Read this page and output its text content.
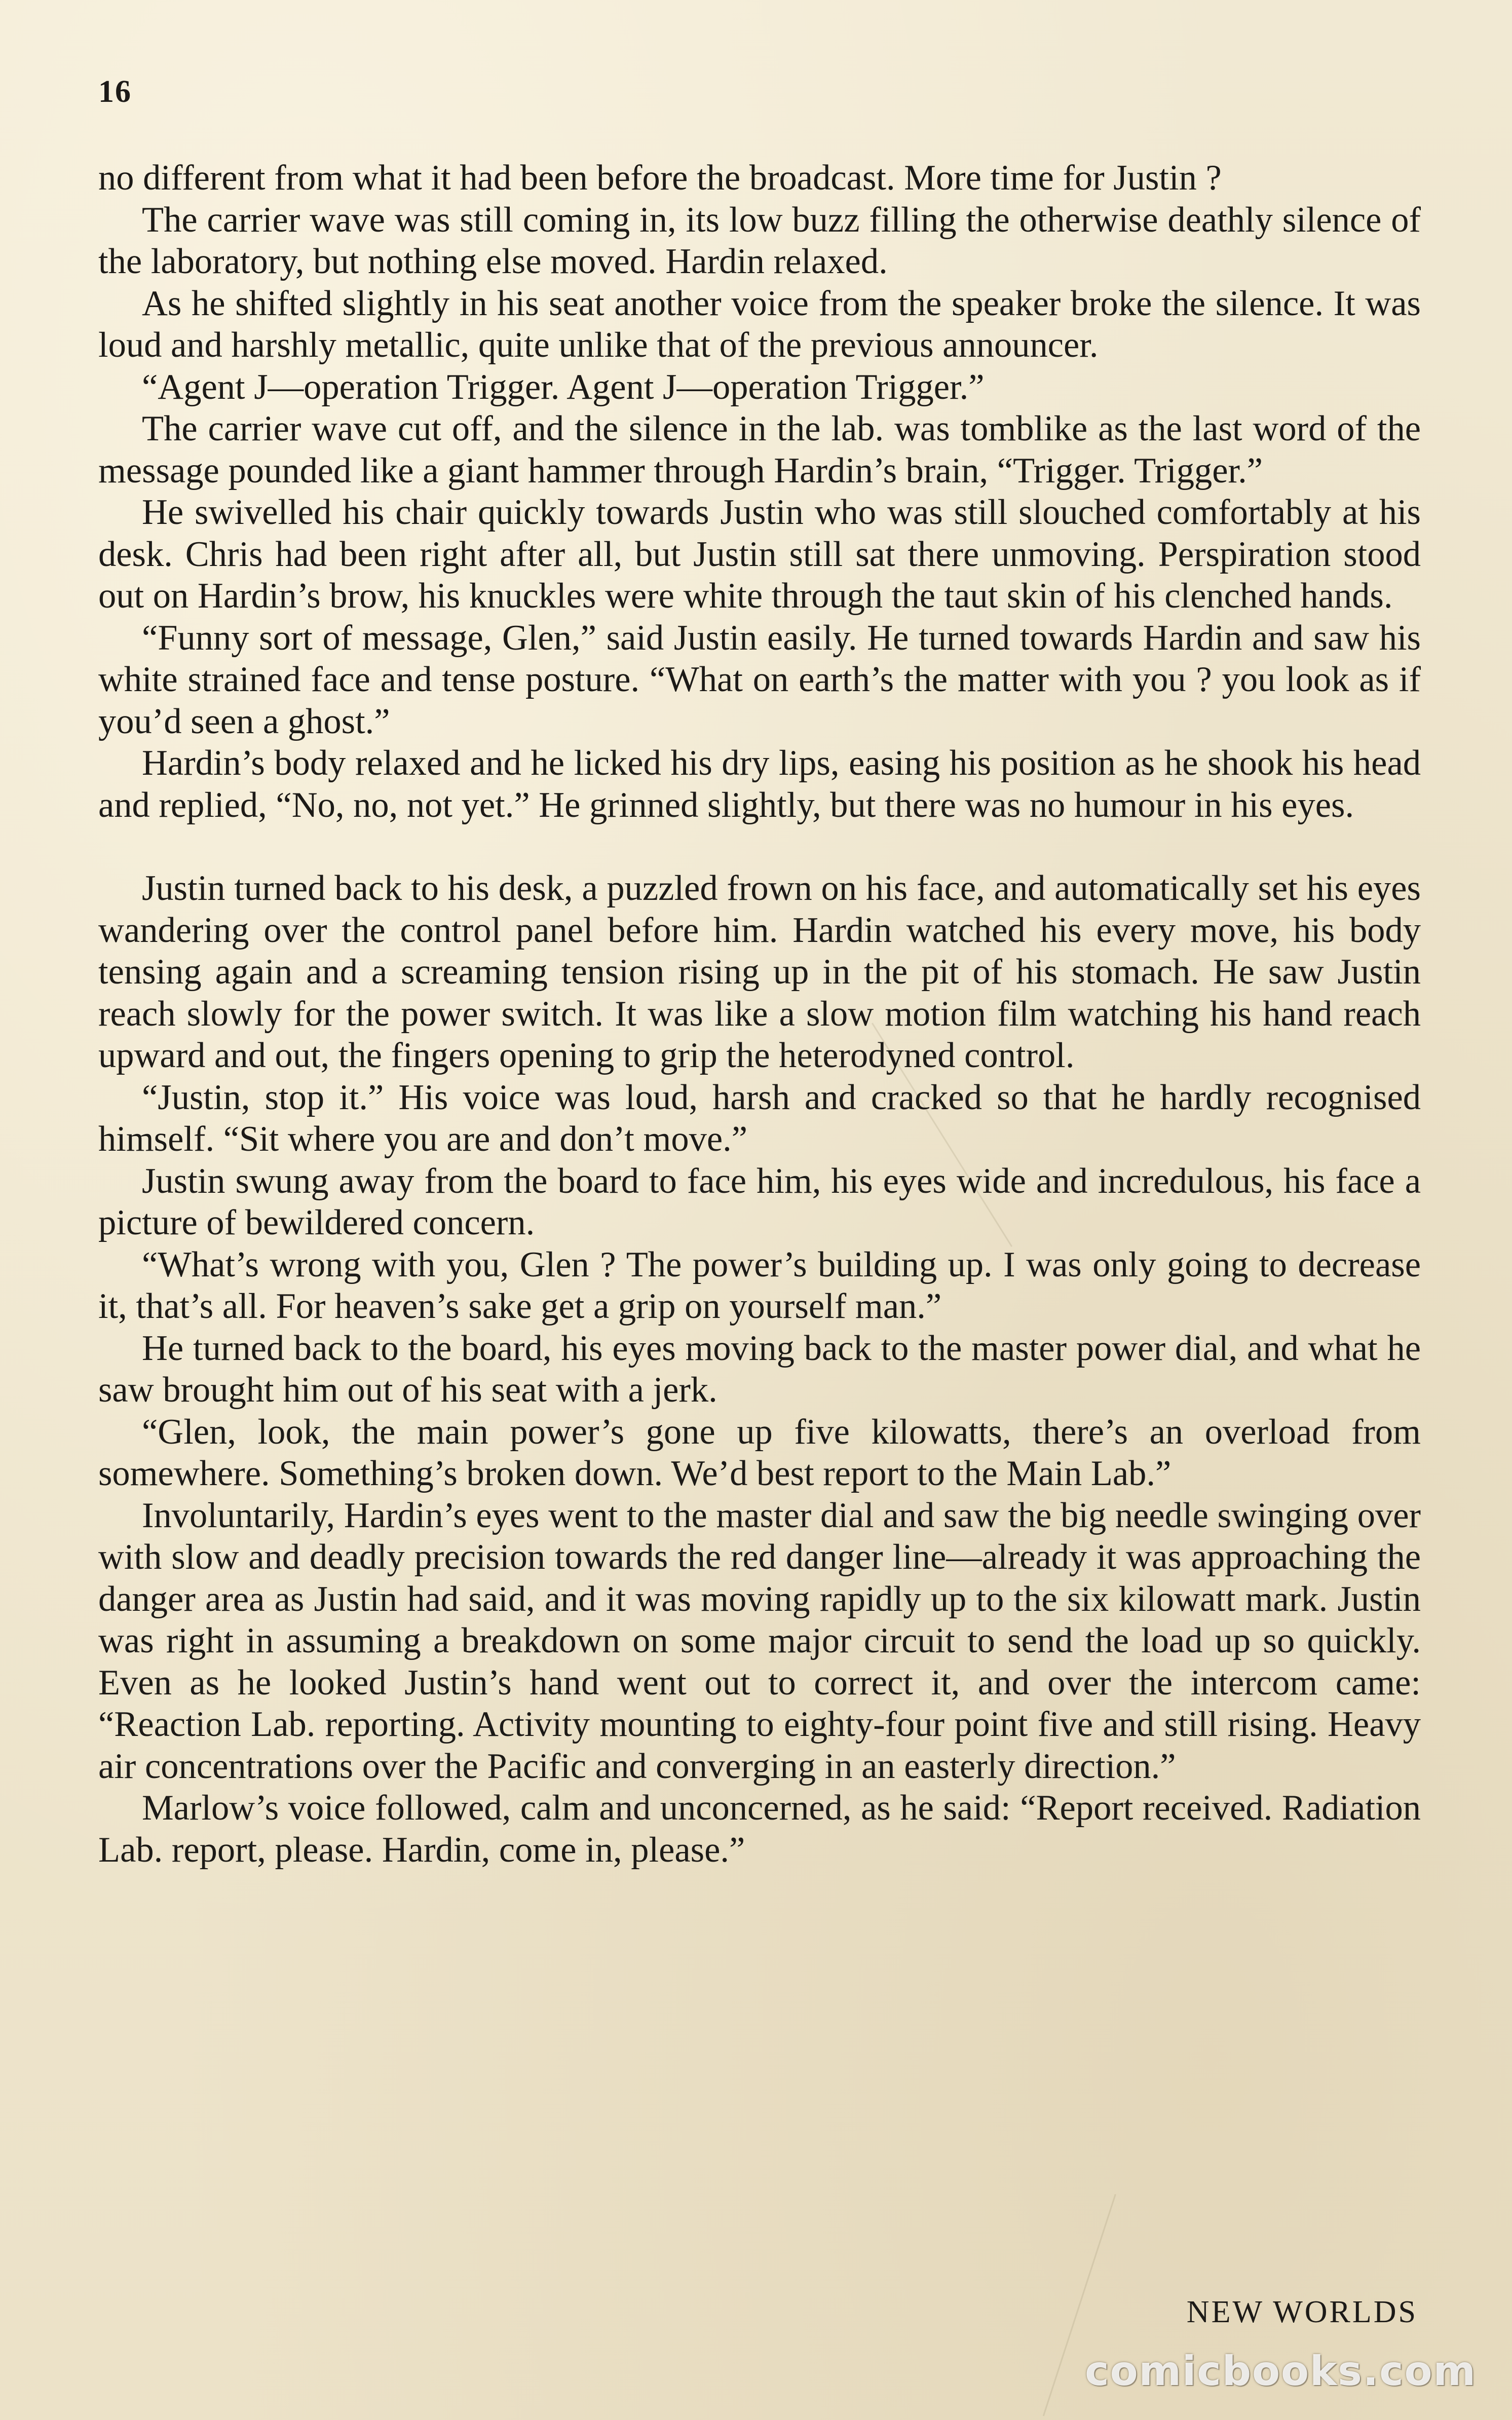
16

no different from what it had been before the broadcast. More time for Justin ?

The carrier wave was still coming in, its low buzz filling the otherwise deathly silence of the laboratory, but nothing else moved. Hardin relaxed.

As he shifted slightly in his seat another voice from the speaker broke the silence. It was loud and harshly metallic, quite unlike that of the previous announcer.

“Agent J—operation Trigger. Agent J—operation Trigger.”

The carrier wave cut off, and the silence in the lab. was tomblike as the last word of the message pounded like a giant hammer through Hardin’s brain, “Trigger. Trigger.”

He swivelled his chair quickly towards Justin who was still slouched comfortably at his desk. Chris had been right after all, but Justin still sat there unmoving. Perspiration stood out on Hardin’s brow, his knuckles were white through the taut skin of his clenched hands.

“Funny sort of message, Glen,” said Justin easily. He turned towards Hardin and saw his white strained face and tense posture. “What on earth’s the matter with you ? you look as if you’d seen a ghost.”

Hardin’s body relaxed and he licked his dry lips, easing his position as he shook his head and replied, “No, no, not yet.” He grinned slightly, but there was no humour in his eyes.

Justin turned back to his desk, a puzzled frown on his face, and automatically set his eyes wandering over the control panel before him. Hardin watched his every move, his body tensing again and a screaming tension rising up in the pit of his stomach. He saw Justin reach slowly for the power switch. It was like a slow motion film watching his hand reach upward and out, the fingers opening to grip the heterodyned control.

“Justin, stop it.” His voice was loud, harsh and cracked so that he hardly recognised himself. “Sit where you are and don’t move.”

Justin swung away from the board to face him, his eyes wide and incredulous, his face a picture of bewildered concern.

“What’s wrong with you, Glen ? The power’s building up. I was only going to decrease it, that’s all. For heaven’s sake get a grip on yourself man.”

He turned back to the board, his eyes moving back to the master power dial, and what he saw brought him out of his seat with a jerk.

“Glen, look, the main power’s gone up five kilowatts, there’s an overload from somewhere. Something’s broken down. We’d best report to the Main Lab.”

Involuntarily, Hardin’s eyes went to the master dial and saw the big needle swinging over with slow and deadly precision towards the red danger line—already it was approaching the danger area as Justin had said, and it was moving rapidly up to the six kilowatt mark. Justin was right in assuming a breakdown on some major circuit to send the load up so quickly. Even as he looked Justin’s hand went out to correct it, and over the intercom came: “Reaction Lab. reporting. Activity mounting to eighty-four point five and still rising. Heavy air concentrations over the Pacific and converging in an easterly direction.”

Marlow’s voice followed, calm and unconcerned, as he said: “Report received. Radiation Lab. report, please. Hardin, come in, please.”

NEW WORLDS
comicbooks.com
